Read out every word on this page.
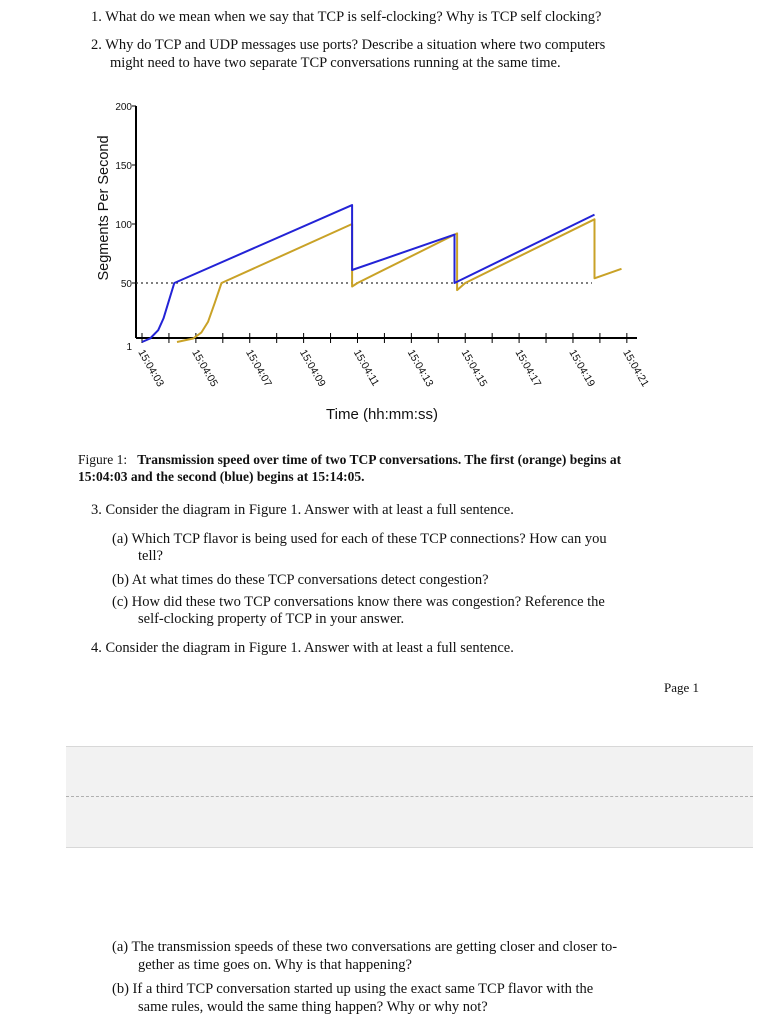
1. What do we mean when we say that TCP is self-clocking? Why is TCP self clocking?
2. Why do TCP and UDP messages use ports? Describe a situation where two computers
might need to have two separate TCP conversations running at the same time.
200
150
100
50
1 15:04:03 15:04:05 15:04:07 15:04:09 15:04:11 15:04:13 15:04:15 15:04:17 15:04:19 15:04:21
Segments Per Second
Time (hh:mm:ss)
Figure 1: Transmission speed over time of two TCP conversations. The first (orange) begins at
15:04:03 and the second (blue) begins at 15:14:05.
3. Consider the diagram in Figure 1. Answer with at least a full sentence.
(a) Which TCP flavor is being used for each of these TCP connections? How can you
tell?
(b) At what times do these TCP conversations detect congestion?
(c) How did these two TCP conversations know there was congestion? Reference the
self-clocking property of TCP in your answer.
4. Consider the diagram in Figure 1. Answer with at least a full sentence.
Page 1
(a) The transmission speeds of these two conversations are getting closer and closer to-
gether as time goes on. Why is that happening?
(b) If a third TCP conversation started up using the exact same TCP flavor with the
same rules, would the same thing happen? Why or why not?
